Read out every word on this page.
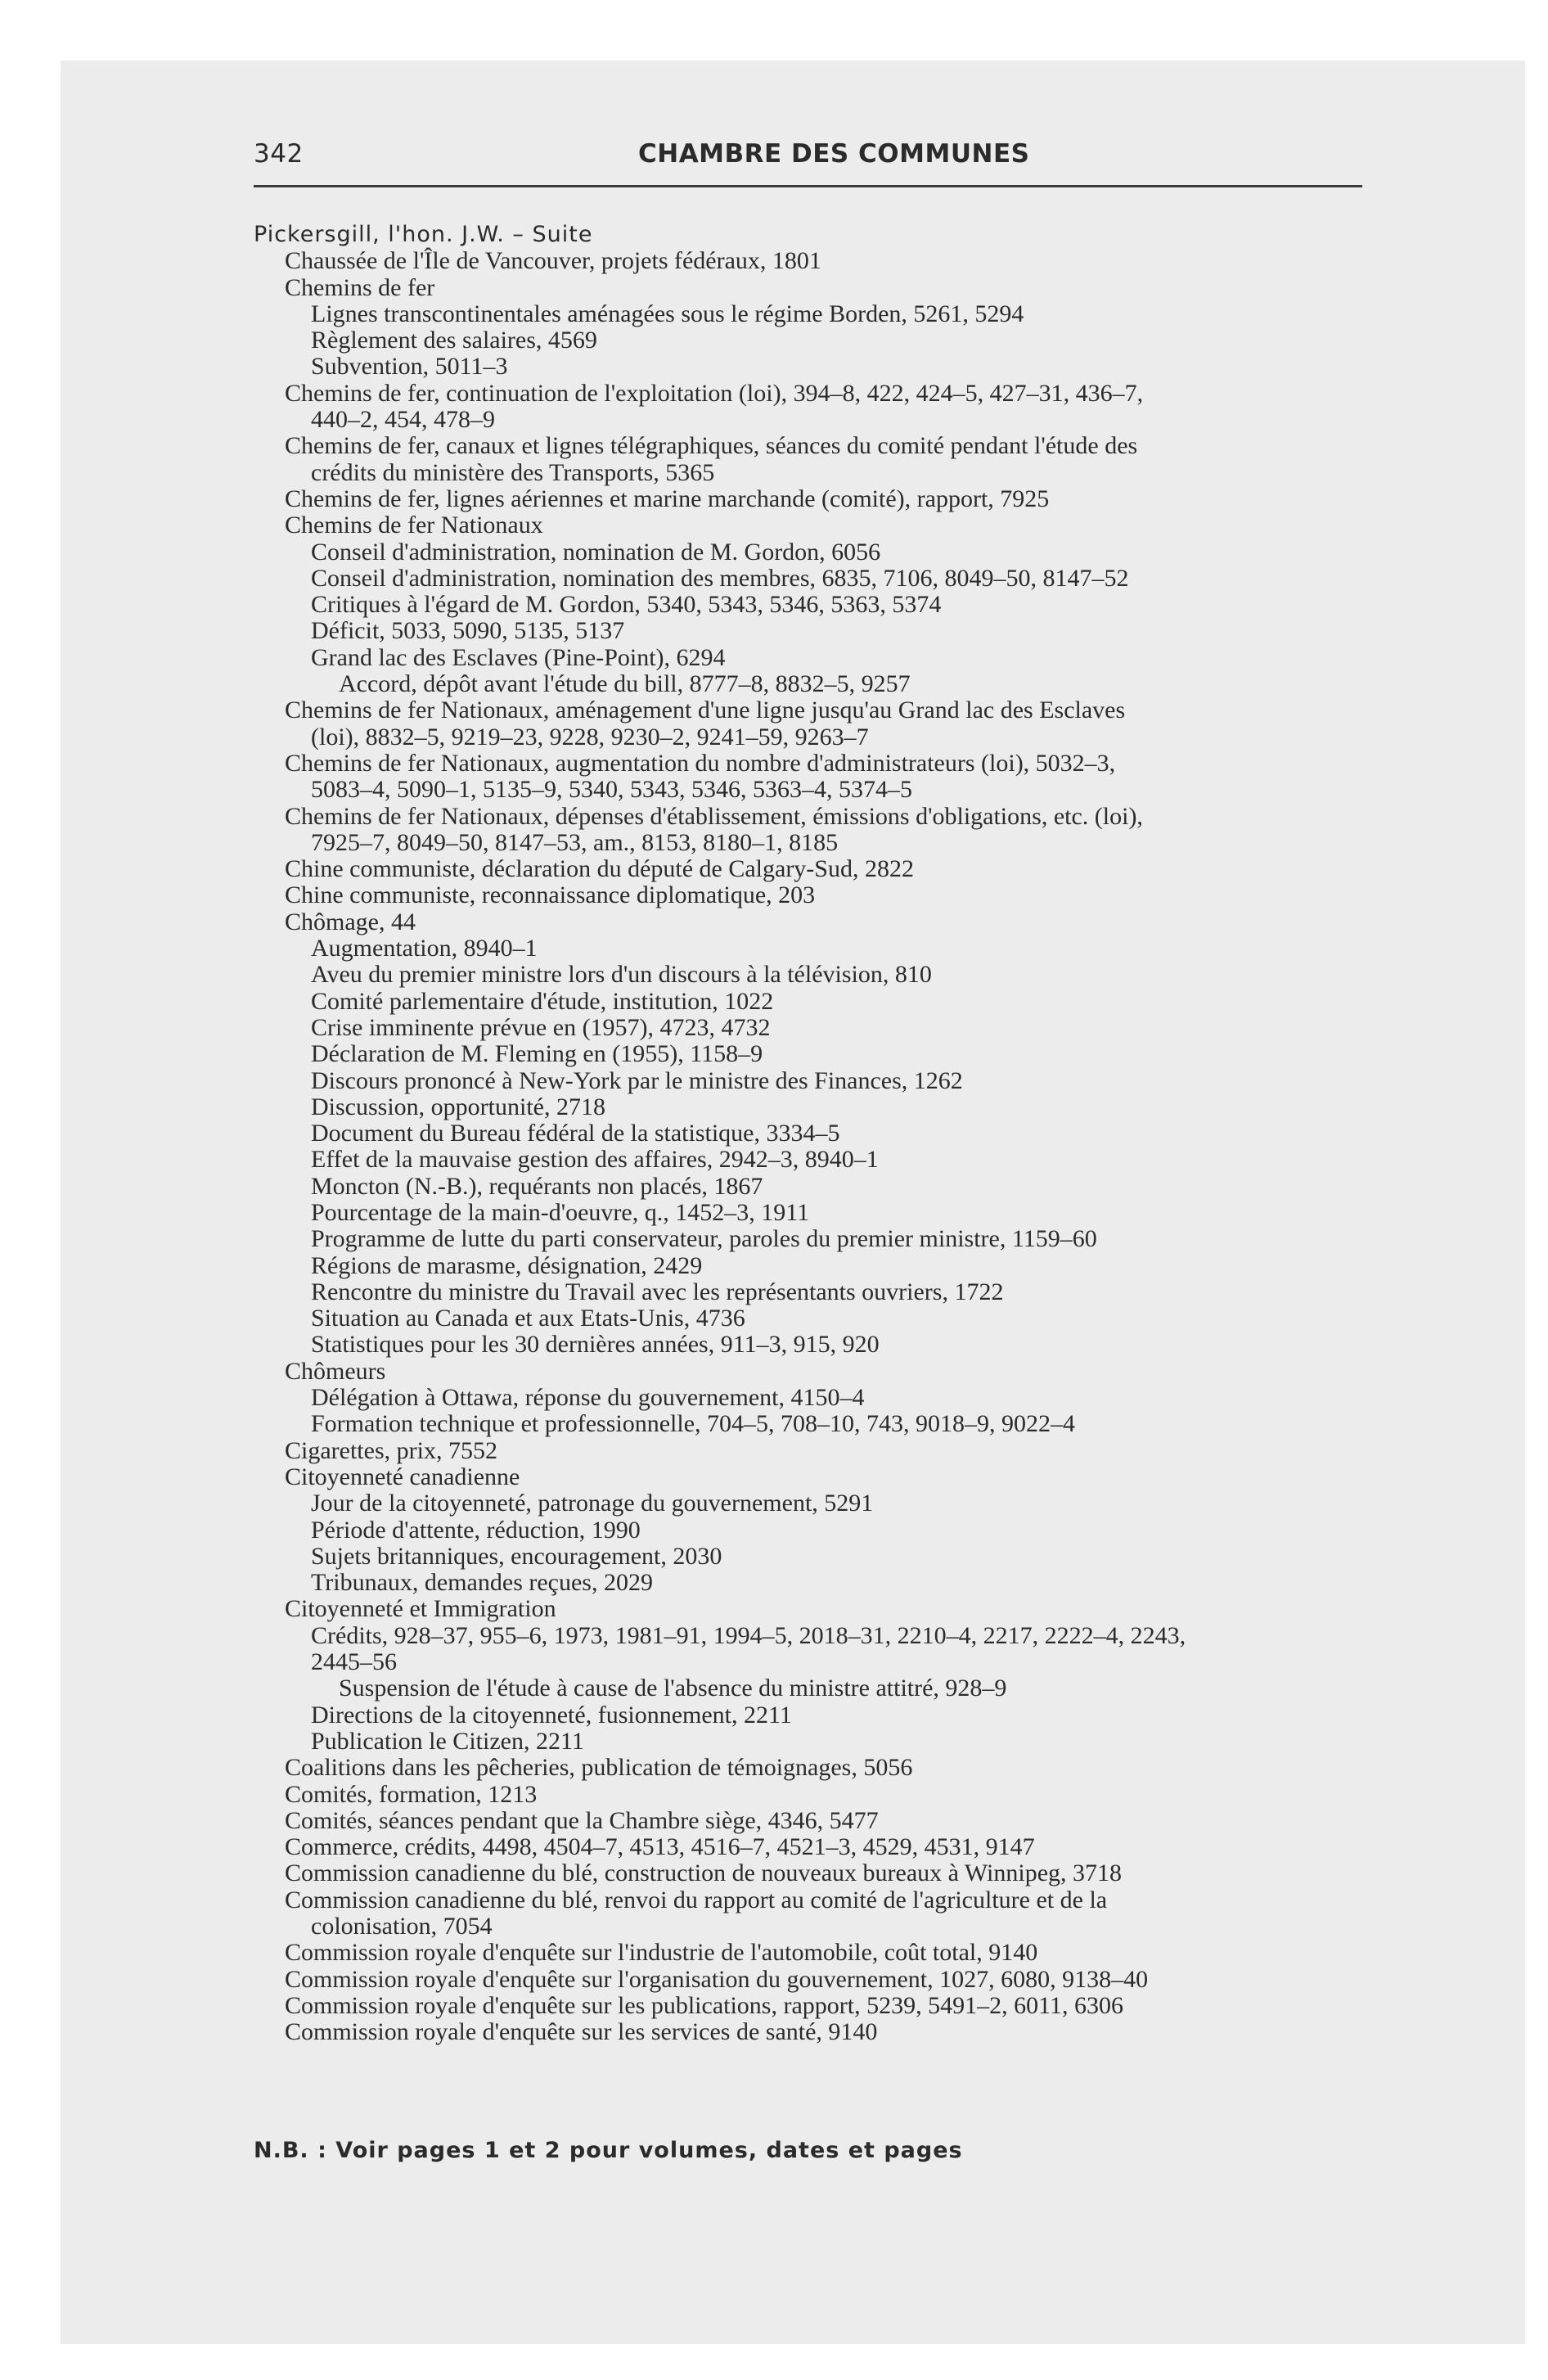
342	CHAMBRE DES COMMUNES
Pickersgill, l'hon. J.W. – Suite
Chaussée de l'Île de Vancouver, projets fédéraux, 1801
Chemins de fer
Lignes transcontinentales aménagées sous le régime Borden, 5261, 5294
Règlement des salaires, 4569
Subvention, 5011–3
Chemins de fer, continuation de l'exploitation (loi), 394–8, 422, 424–5, 427–31, 436–7,
440–2, 454, 478–9
Chemins de fer, canaux et lignes télégraphiques, séances du comité pendant l'étude des
crédits du ministère des Transports, 5365
Chemins de fer, lignes aériennes et marine marchande (comité), rapport, 7925
Chemins de fer Nationaux
Conseil d'administration, nomination de M. Gordon, 6056
Conseil d'administration, nomination des membres, 6835, 7106, 8049–50, 8147–52
Critiques à l'égard de M. Gordon, 5340, 5343, 5346, 5363, 5374
Déficit, 5033, 5090, 5135, 5137
Grand lac des Esclaves (Pine-Point), 6294
Accord, dépôt avant l'étude du bill, 8777–8, 8832–5, 9257
Chemins de fer Nationaux, aménagement d'une ligne jusqu'au Grand lac des Esclaves
(loi), 8832–5, 9219–23, 9228, 9230–2, 9241–59, 9263–7
Chemins de fer Nationaux, augmentation du nombre d'administrateurs (loi), 5032–3,
5083–4, 5090–1, 5135–9, 5340, 5343, 5346, 5363–4, 5374–5
Chemins de fer Nationaux, dépenses d'établissement, émissions d'obligations, etc. (loi),
7925–7, 8049–50, 8147–53, am., 8153, 8180–1, 8185
Chine communiste, déclaration du député de Calgary-Sud, 2822
Chine communiste, reconnaissance diplomatique, 203
Chômage, 44
Augmentation, 8940–1
Aveu du premier ministre lors d'un discours à la télévision, 810
Comité parlementaire d'étude, institution, 1022
Crise imminente prévue en (1957), 4723, 4732
Déclaration de M. Fleming en (1955), 1158–9
Discours prononcé à New-York par le ministre des Finances, 1262
Discussion, opportunité, 2718
Document du Bureau fédéral de la statistique, 3334–5
Effet de la mauvaise gestion des affaires, 2942–3, 8940–1
Moncton (N.-B.), requérants non placés, 1867
Pourcentage de la main-d'oeuvre, q., 1452–3, 1911
Programme de lutte du parti conservateur, paroles du premier ministre, 1159–60
Régions de marasme, désignation, 2429
Rencontre du ministre du Travail avec les représentants ouvriers, 1722
Situation au Canada et aux Etats-Unis, 4736
Statistiques pour les 30 dernières années, 911–3, 915, 920
Chômeurs
Délégation à Ottawa, réponse du gouvernement, 4150–4
Formation technique et professionnelle, 704–5, 708–10, 743, 9018–9, 9022–4
Cigarettes, prix, 7552
Citoyenneté canadienne
Jour de la citoyenneté, patronage du gouvernement, 5291
Période d'attente, réduction, 1990
Sujets britanniques, encouragement, 2030
Tribunaux, demandes reçues, 2029
Citoyenneté et Immigration
Crédits, 928–37, 955–6, 1973, 1981–91, 1994–5, 2018–31, 2210–4, 2217, 2222–4, 2243,
2445–56
Suspension de l'étude à cause de l'absence du ministre attitré, 928–9
Directions de la citoyenneté, fusionnement, 2211
Publication le Citizen, 2211
Coalitions dans les pêcheries, publication de témoignages, 5056
Comités, formation, 1213
Comités, séances pendant que la Chambre siège, 4346, 5477
Commerce, crédits, 4498, 4504–7, 4513, 4516–7, 4521–3, 4529, 4531, 9147
Commission canadienne du blé, construction de nouveaux bureaux à Winnipeg, 3718
Commission canadienne du blé, renvoi du rapport au comité de l'agriculture et de la
colonisation, 7054
Commission royale d'enquête sur l'industrie de l'automobile, coût total, 9140
Commission royale d'enquête sur l'organisation du gouvernement, 1027, 6080, 9138–40
Commission royale d'enquête sur les publications, rapport, 5239, 5491–2, 6011, 6306
Commission royale d'enquête sur les services de santé, 9140
N.B. : Voir pages 1 et 2 pour volumes, dates et pages
